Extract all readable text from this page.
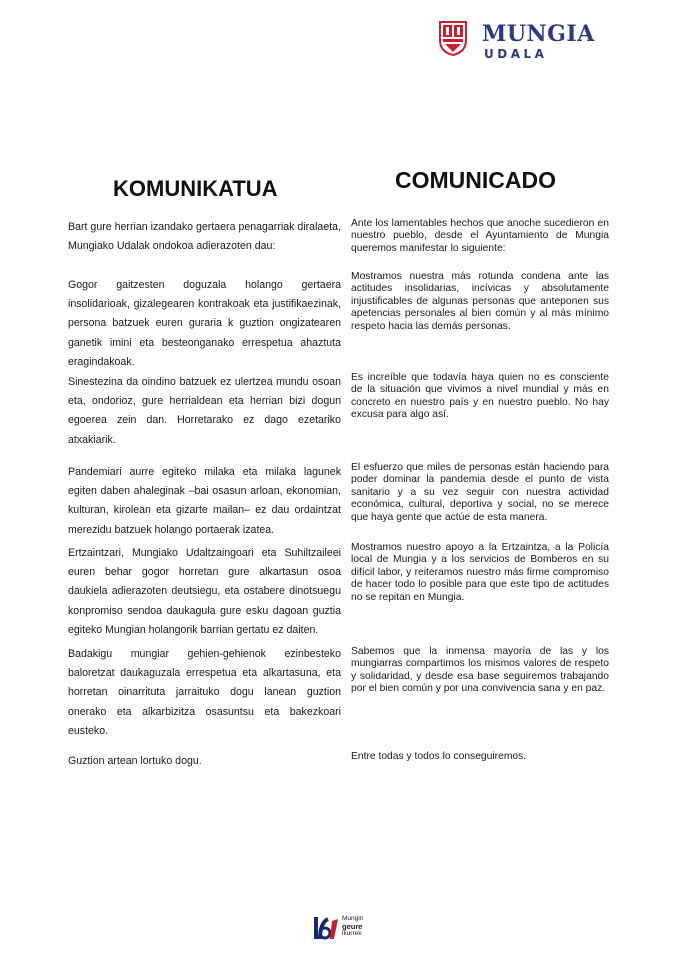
MUNGIA
UDALA
KOMUNIKATUA	COMUNICADO

Bart gure herrian izandako gertaera penagarriak diralaeta, Mungiako Udalak ondokoa adierazoten dau:

Gogor gaitzesten doguzala holango gertaera insolidarioak, gizalegearen kontrakoak eta justifikaezinak, persona batzuek euren guraria k guztion ongizatearen ganetik imini eta besteonganako errespetua ahaztuta eragindakoak.

Sinestezina da oindino batzuek ez ulertzea mundu osoan eta, ondorioz, gure herrialdean eta herrian bizi dogun egoerea zein dan. Horretarako ez dago ezetariko atxakiarik.

Pandemiari aurre egiteko milaka eta milaka lagunek egiten daben ahaleginak –bai osasun arloan, ekonomian, kulturan, kirolean eta gizarte mailan– ez dau ordaintzat merezidu batzuek holango portaerak izatea.

Ertzaintzari, Mungiako Udaltzaingoari eta Suhiltzaileei euren behar gogor horretan gure alkartasun osoa daukiela adierazoten deutsiegu, eta ostabere dinotsuegu konpromiso sendoa daukagula gure esku dagoan guztia egiteko Mungian holangorik barrian gertatu ez daiten.

Badakigu mungiar gehien-gehienok ezinbesteko baloretzat daukaguzala errespetua eta alkartasuna, eta horretan oinarrituta jarraituko dogu lanean guztion onerako eta alkarbizitza osasuntsu eta bakezkoari eusteko.

Guztion artean lortuko dogu.

Ante los lamentables hechos que anoche sucedieron en nuestro pueblo, desde el Ayuntamiento de Mungia queremos manifestar lo siguiente:

Mostramos nuestra más rotunda condena ante las actitudes insolidarias, incívicas y absolutamente injustificables de algunas personas que anteponen sus apetencias personales al bien común y al más mínimo respeto hacia las demás personas.

Es increíble que todavía haya quien no es consciente de la situación que vivimos a nivel mundial y más en concreto en nuestro país y en nuestro pueblo. No hay excusa para algo así.

El esfuerzo que miles de personas están haciendo para poder dominar la pandemia desde el punto de vista sanitario y a su vez seguir con nuestra actividad económica, cultural, deportiva y social, no se merece que haya gente que actúe de esta manera.

Mostramos nuestro apoyo a la Ertzaintza, a la Policía local de Mungia y a los servicios de Bomberos en su difícil labor, y reiteramos nuestro más firme compromiso de hacer todo lo posible para que este tipo de actitudes no se repitan en Mungia.

Sabemos que la inmensa mayoría de las y los mungiarras compartimos los mismos valores de respeto y solidaridad, y desde esa base seguiremos trabajando por el bien común y por una convivencia sana y en paz.

Entre todas y todos lo conseguiremos.

Mungin
geure
ikurrek
